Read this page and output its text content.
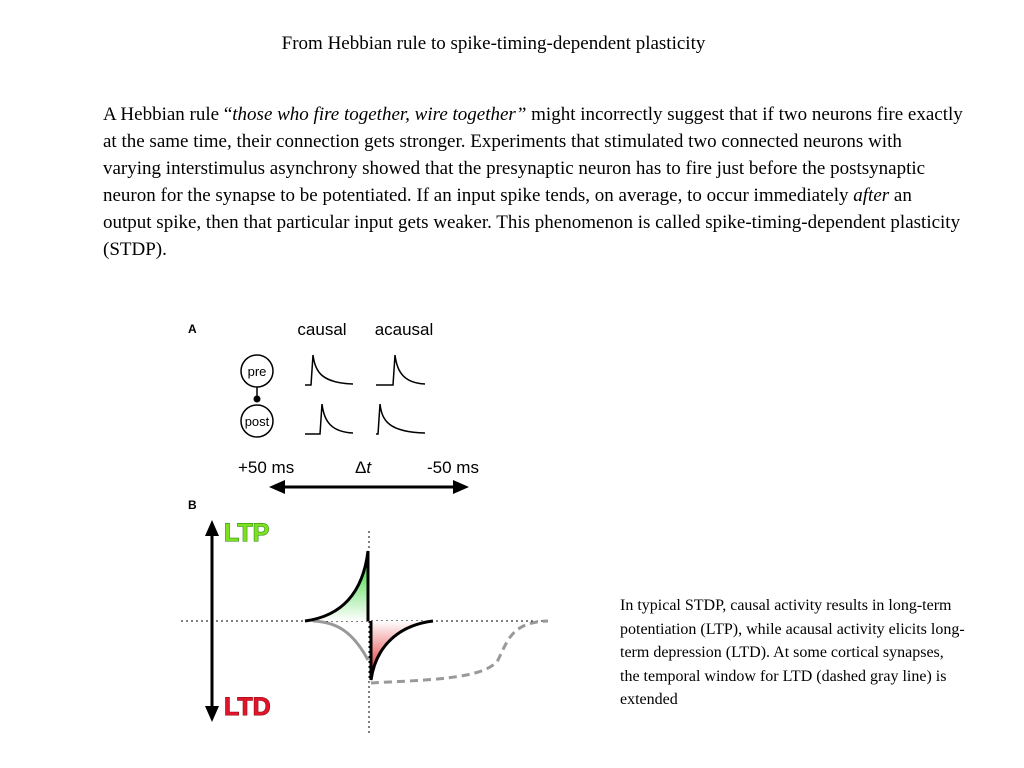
From Hebbian rule to spike-timing-dependent plasticity

A Hebbian rule “those who fire together, wire together” might incorrectly suggest that if two neurons fire exactly at the same time, their connection gets stronger. Experiments that stimulated two connected neurons with varying interstimulus asynchrony showed that the presynaptic neuron has to fire just before the postsynaptic neuron for the synapse to be potentiated. If an input spike tends, on average, to occur immediately after an output spike, then that particular input gets weaker. This phenomenon is called spike-timing-dependent plasticity (STDP).

A	causal acausal
pre
post
+50 ms	Δt	-50 ms
B
LTP
LTD
In typical STDP, causal activity results in long-term potentiation (LTP), while acausal activity elicits long-term depression (LTD). At some cortical synapses, the temporal window for LTD (dashed gray line) is extended
